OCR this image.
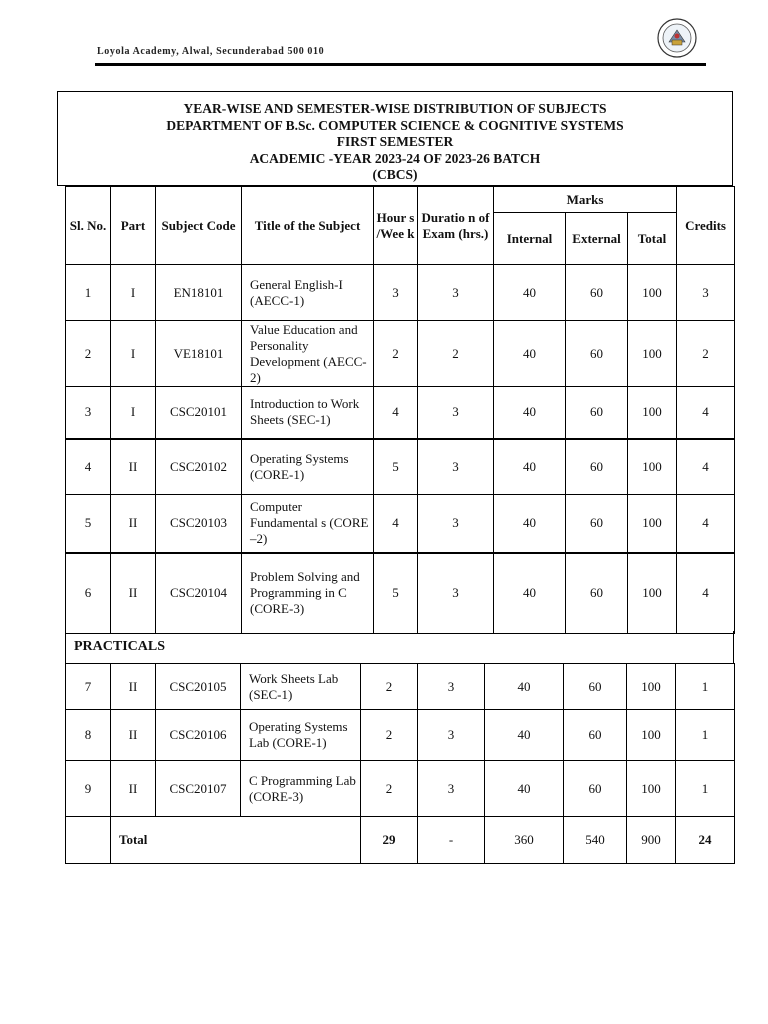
Loyola Academy, Alwal, Secunderabad 500 010
YEAR-WISE AND SEMESTER-WISE DISTRIBUTION OF SUBJECTS
DEPARTMENT OF B.Sc. COMPUTER SCIENCE & COGNITIVE SYSTEMS
FIRST SEMESTER
ACADEMIC -YEAR 2023-24 OF 2023-26 BATCH
(CBCS)
Sl. No.	Part	Subject Code	Title of the Subject	Hour s /Wee k	Duratio n of Exam (hrs.)	Marks			Credits
						Internal	External	Total	
1	I	EN18101	General English-I (AECC-1)	3	3	40	60	100	3
2	I	VE18101	Value Education and Personality Development (AECC-2)	2	2	40	60	100	2
3	I	CSC20101	Introduction to Work Sheets (SEC-1)	4	3	40	60	100	4
4	II	CSC20102	Operating Systems (CORE-1)	5	3	40	60	100	4
5	II	CSC20103	Computer Fundamental s (CORE –2)	4	3	40	60	100	4
6	II	CSC20104	Problem Solving and Programming in C (CORE-3)	5	3	40	60	100	4
PRACTICALS
7	II	CSC20105	Work Sheets Lab (SEC-1)	2	3	40	60	100	1
8	II	CSC20106	Operating Systems Lab (CORE-1)	2	3	40	60	100	1
9	II	CSC20107	C Programming Lab (CORE-3)	2	3	40	60	100	1
	Total			29	-	360	540	900	24
